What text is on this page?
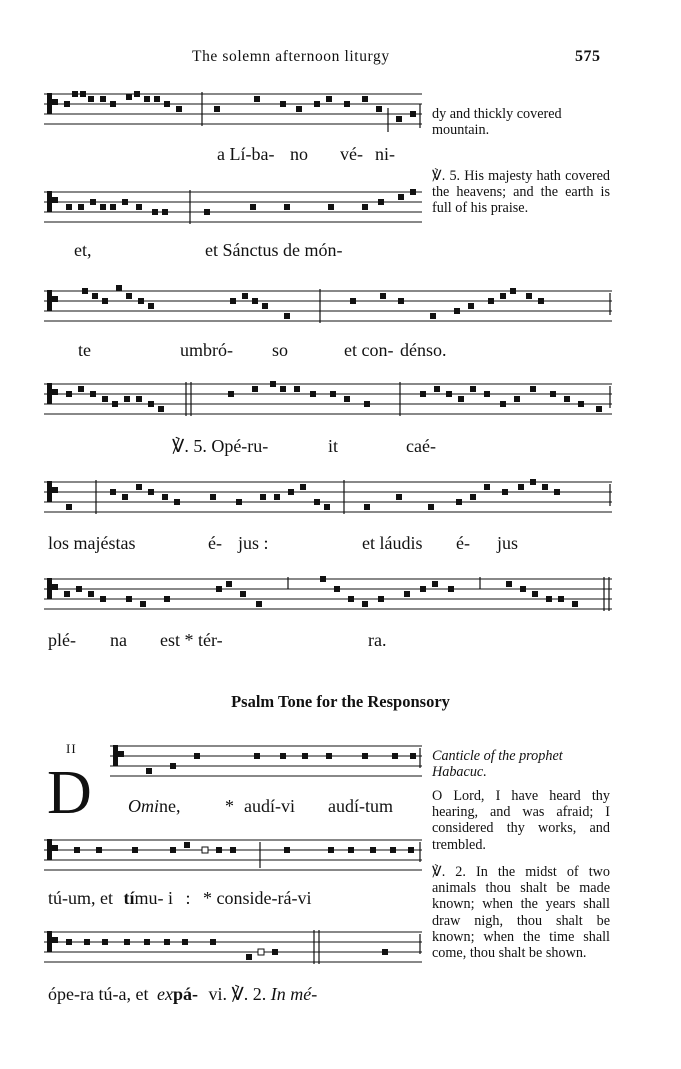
The solemn afternoon liturgy	575
a Lí-ba- no vé- ni-
dy and thickly covered
mountain.
℣. 5. His majesty hath covered the heavens; and the earth is full of his praise.
et,	et Sánctus de món-
te	umbró- so	et con- dénso.
℣. 5. Opé-ru-	it	caé-
los majéstas	é- jus :	et láudis é- jus
plé- na est * tér-	ra.
Psalm Tone for the Responsory
II
D Omine, * audí-vi audí-tum
tú-um, et tímu- i : * conside-rá-vi
ópe-ra tú-a, et expá- vi. ℣. 2. In mé-
Canticle of the prophet Habacuc.
O Lord, I have heard thy hearing, and was afraid; I considered thy works, and trembled.
℣. 2. In the midst of two animals thou shalt be made known; when the years shall draw nigh, thou shalt be known; when the time shall come, thou shalt be shown.
